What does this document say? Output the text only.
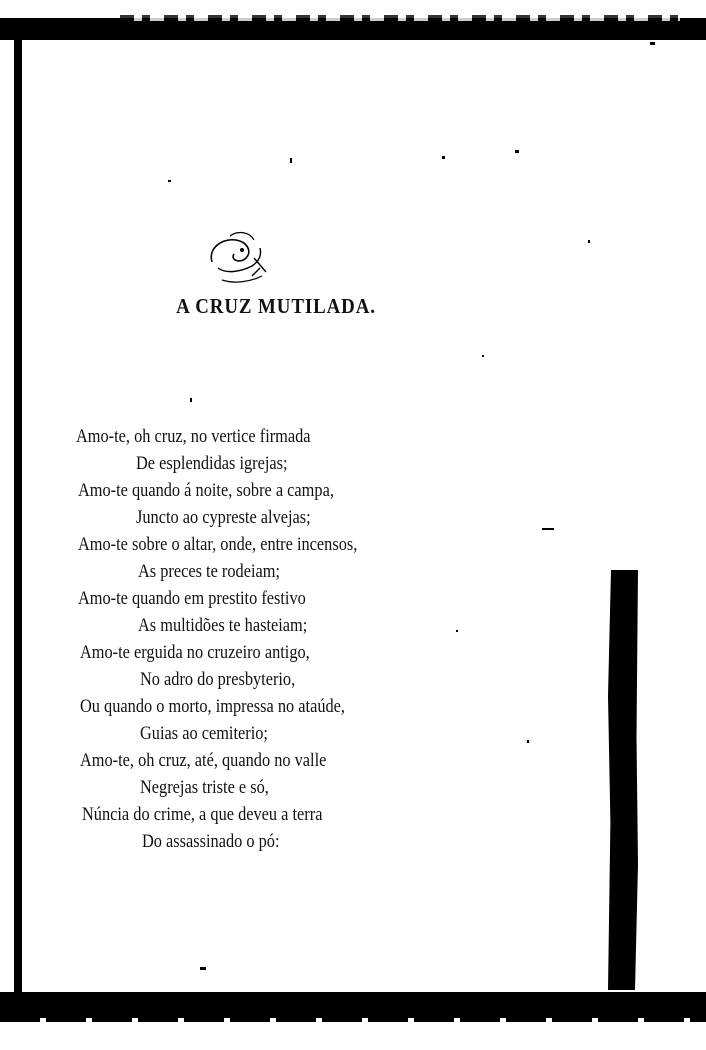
A CRUZ MUTILADA.
Amo-te, oh cruz, no vertice firmada
De esplendidas igrejas;
Amo-te quando á noite, sobre a campa,
Juncto ao cypreste alvejas;
Amo-te sobre o altar, onde, entre incensos,
As preces te rodeiam;
Amo-te quando em prestito festivo
As multidões te hasteiam;
Amo-te erguida no cruzeiro antigo,
No adro do presbyterio,
Ou quando o morto, impressa no ataúde,
Guias ao cemiterio;
Amo-te, oh cruz, até, quando no valle
Negrejas triste e só,
Núncia do crime, a que deveu a terra
Do assassinado o pó:
